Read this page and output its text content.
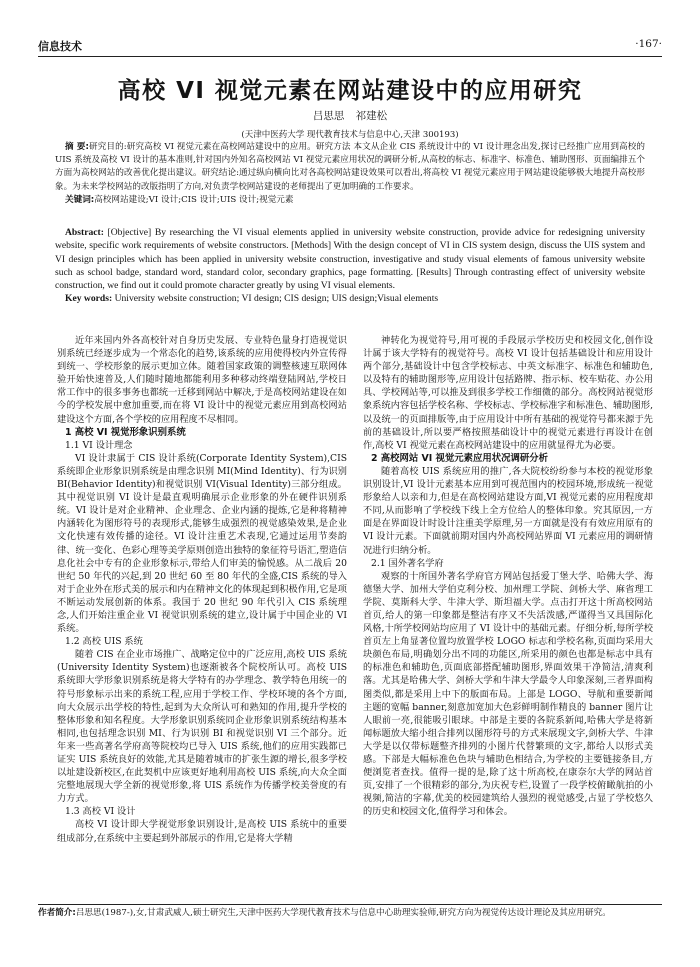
信息技术	·167·
高校 VI 视觉元素在网站建设中的应用研究
吕思思 祁建松
(天津中医药大学 现代教育技术与信息中心,天津 300193)

摘 要:研究目的:研究高校 VI 视觉元素在高校网站建设中的应用。研究方法 本文从企业 CIS 系统设计中的 VI 设计理念出发,探讨已经推广应用到高校的 UIS 系统及高校 VI 设计的基本准则,针对国内外知名高校网站 VI 视觉元素应用状况的调研分析,从高校的标志、标准字、标准色、辅助图形、页面编排五个方面为高校网站的改善优化提出建议。研究结论:通过纵向横向比对各高校网站建设效果可以看出,将高校 VI 视觉元素应用于网站建设能够极大地提升高校形象。为未来学校网站的改版指明了方向,对负责学校网站建设的老师提出了更加明确的工作要求。

关键词:高校网站建设;VI 设计;CIS 设计;UIS 设计;视觉元素

Abstract: [Objective] By researching the VI visual elements applied in university website construction, provide advice for redesigning university website, specific work requirements of website constructors. [Methods] With the design concept of VI in CIS system design, discuss the UIS system and VI design principles which has been applied in university website construction, investigative and study visual elements of famous university website such as school badge, standard word, standard color, secondary graphics, page formatting. [Results] Through contrasting effect of university website construction, we find out it could promote character greatly by using VI visual elements.

Key words: University website construction; VI design; CIS design; UIS design;Visual elements

近年来国内外各高校针对自身历史发展、专业特色量身打造视觉识别系统已经逐步成为一个常态化的趋势,该系统的应用使得校内外宣传得到统一、学校形象的展示更加立体。随着国家政策的调整核速互联网体验开始快速普及,人们随时随地都能利用多种移动终端登陆网站,学校日常工作中的很多事务也都统一迁移到网站中解决,于是高校网站建设在如今的学校发展中愈加重要,而在将 VI 设计中的视觉元素应用到高校网站建设这个方面,各个学校的应用程度不尽相同。

1 高校 VI 视觉形象识别系统
1.1 VI 设计理念

VI 设计隶属于 CIS 设计系统(Corporate Identity System),CIS 系统即企业形象识别系统是由理念识别 MI(Mind Identity)、行为识别 BI(Behavior Identity)和视觉识别 VI(Visual Identity)三部分组成。其中视觉识别 VI 设计是最直观明确展示企业形象的外在硬件识别系统。VI 设计是对企业精神、企业理念、企业内涵的提炼,它是种将精神内涵转化为图形符号的表现形式,能够生成强烈的视觉感染效果,是企业文化快速有效传播的途径。VI 设计注重艺术表现,它通过运用节奏韵律、统一变化、色彩心理等美学原则创造出独特的象征符号语汇,塑造信息化社会中专有的企业形象标示,带给人们审美的愉悦感。从二战后 20 世纪 50 年代的兴起,到 20 世纪 60 至 80 年代的全盛,CIS 系统的导入对于企业外在形式美的展示和内在精神文化的体现起到积极作用,它是项不断运动发展创新的体系。我国于 20 世纪 90 年代引入 CIS 系统理念,人们开始注重企业 VI 视觉识别系统的建立,设计属于中国企业的 VI 系统。

1.2 高校 UIS 系统

随着 CIS 在企业市场推广、战略定位中的广泛应用,高校 UIS 系统(University Identity System)也逐渐被各个院校所认可。高校 UIS 系统即大学形象识别系统是将大学特有的办学理念、教学特色用统一的符号形象标示出来的系统工程,应用于学校工作、学校环境的各个方面,向大众展示出学校的特性,起到为大众所认可和熟知的作用,提升学校的整体形象和知名程度。大学形象识别系统同企业形象识别系统结构基本相同,也包括理念识别 MI、行为识别 BI 和视觉识别 VI 三个部分。近年来一些高著名学府高等院校均已导入 UIS 系统,他们的应用实践都已证实 UIS 系统良好的效能,尤其是随着城市的扩张生源的增长,很多学校以址建设新校区,在此契机中应该更好地利用高校 UIS 系统,向大众全面完整地展现大学全新的视觉形象,将 UIS 系统作为传播学校美誉度的有力方式。

1.3 高校 VI 设计

高校 VI 设计即大学视觉形象识别设计,是高校 UIS 系统中的重要组成部分,在系统中主要起到外部展示的作用,它是将大学精

神转化为视觉符号,用可视的手段展示学校历史和校园文化,创作设计属于该大学特有的视觉符号。高校 VI 设计包括基础设计和应用设计两个部分,基础设计中包含学校标志、中英文标准字、标准色和辅助色,以及特有的辅助图形等,应用设计包括路牌、指示标、校车贴花、办公用具、学校网站等,可以推及到很多学校工作细微的部分。高校网站视觉形象系统内容包括学校名称、学校标志、学校标准字和标准色、辅助图形,以及统一的页面排版等,由于应用设计中所有基础的视觉符号都来源于先前的基础设计,所以要严格按照基础设计中的视觉元素进行再设计在创作,高校 VI 视觉元素在高校网站建设中的应用就显得尤为必要。

2 高校网站 VI 视觉元素应用状况调研分析

随着高校 UIS 系统应用的推广,各大院校纷纷参与本校的视觉形象识别设计,VI 设计元素基本应用到可视范围内的校园环境,形成统一视觉形象给人以亲和力,但是在高校网站建设方面,VI 视觉元素的应用程度却不同,从而影响了学校线下线上全方位给人的整体印象。究其原因,一方面是在界面设计时设计注重美学原理,另一方面就是没有有效应用原有的 VI 设计元素。下面就前期对国内外高校网站界面 VI 元素应用的调研情况进行归纳分析。

2.1 国外著名学府

观察的十所国外著名学府官方网站包括爱丁堡大学、哈佛大学、海德堡大学、加州大学伯克利分校、加州理工学院、剑桥大学、麻省理工学院、莫斯科大学、牛津大学、斯坦福大学。点击打开这十所高校网站首页,给人的第一印象都是整洁有序又不失活泼感,严谨得当又具国际化风格,十所学校网站均应用了 VI 设计中的基础元素。仔细分析,每所学校首页左上角显著位置均放置学校 LOGO 标志和学校名称,页面均采用大块颜色布局,明确划分出不同的功能区,所采用的颜色也都是标志中具有的标准色和辅助色,页面底部搭配辅助图形,界面效果干净简洁,清爽利落。尤其是哈佛大学、剑桥大学和牛津大学最令人印象深刻,三者界面构图类似,都是采用上中下的版面布局。上部是 LOGO、导航和重要新闻主题的宽幅 banner,刻意加宽加大色彩鲜明制作精良的 banner 图片让人眼前一亮,很能吸引眼球。中部是主要的各院系新闻,哈佛大学是将新闻标题放大缩小组合排列以图形符号的方式来展现文字,剑桥大学、牛津大学是以仅带标题整齐排列的小图片代替繁琐的文字,都给人以形式美感。下部是大幅标准色色块与辅助色相结合,为学校的主要链接条目,方便浏览者查找。值得一提的是,除了这十所高校,在康奈尔大学的网站首页,安排了一个很精彩的部分,为庆祝专栏,设置了一段学校俯瞰航拍的小视频,简洁的字幕,优美的校园建筑给人强烈的视觉感受,占显了学校悠久的历史和校园文化,值得学习和体会。

作者简介:吕思思(1987-),女,甘肃武威人,硕士研究生,天津中医药大学现代教育技术与信息中心助理实验师,研究方向为视觉传达设计理论及其应用研究。
